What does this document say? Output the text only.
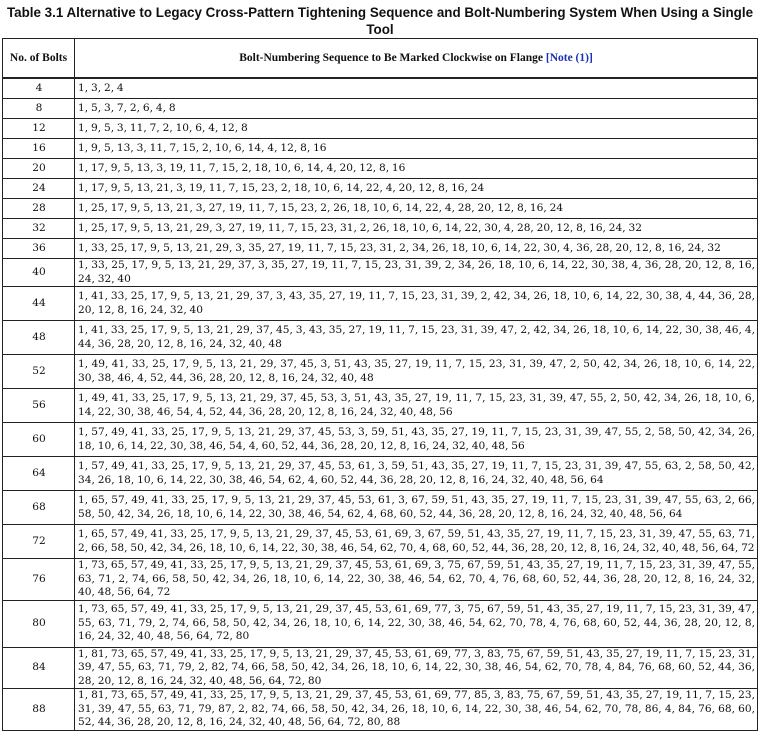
Table 3.1 Alternative to Legacy Cross-Pattern Tightening Sequence and Bolt-Numbering System When Using a Single Tool
No. of Bolts	Bolt-Numbering Sequence to Be Marked Clockwise on Flange [Note (1)]
4	1, 3, 2, 4
8	1, 5, 3, 7, 2, 6, 4, 8
12	1, 9, 5, 3, 11, 7, 2, 10, 6, 4, 12, 8
16	1, 9, 5, 13, 3, 11, 7, 15, 2, 10, 6, 14, 4, 12, 8, 16
20	1, 17, 9, 5, 13, 3, 19, 11, 7, 15, 2, 18, 10, 6, 14, 4, 20, 12, 8, 16
24	1, 17, 9, 5, 13, 21, 3, 19, 11, 7, 15, 23, 2, 18, 10, 6, 14, 22, 4, 20, 12, 8, 16, 24
28	1, 25, 17, 9, 5, 13, 21, 3, 27, 19, 11, 7, 15, 23, 2, 26, 18, 10, 6, 14, 22, 4, 28, 20, 12, 8, 16, 24
32	1, 25, 17, 9, 5, 13, 21, 29, 3, 27, 19, 11, 7, 15, 23, 31, 2, 26, 18, 10, 6, 14, 22, 30, 4, 28, 20, 12, 8, 16, 24, 32
36	1, 33, 25, 17, 9, 5, 13, 21, 29, 3, 35, 27, 19, 11, 7, 15, 23, 31, 2, 34, 26, 18, 10, 6, 14, 22, 30, 4, 36, 28, 20, 12, 8, 16, 24, 32
40	1, 33, 25, 17, 9, 5, 13, 21, 29, 37, 3, 35, 27, 19, 11, 7, 15, 23, 31, 39, 2, 34, 26, 18, 10, 6, 14, 22, 30, 38, 4, 36, 28, 20, 12, 8, 16, 24, 32, 40
44	1, 41, 33, 25, 17, 9, 5, 13, 21, 29, 37, 3, 43, 35, 27, 19, 11, 7, 15, 23, 31, 39, 2, 42, 34, 26, 18, 10, 6, 14, 22, 30, 38, 4, 44, 36, 28, 20, 12, 8, 16, 24, 32, 40
48	1, 41, 33, 25, 17, 9, 5, 13, 21, 29, 37, 45, 3, 43, 35, 27, 19, 11, 7, 15, 23, 31, 39, 47, 2, 42, 34, 26, 18, 10, 6, 14, 22, 30, 38, 46, 4, 44, 36, 28, 20, 12, 8, 16, 24, 32, 40, 48
52	1, 49, 41, 33, 25, 17, 9, 5, 13, 21, 29, 37, 45, 3, 51, 43, 35, 27, 19, 11, 7, 15, 23, 31, 39, 47, 2, 50, 42, 34, 26, 18, 10, 6, 14, 22, 30, 38, 46, 4, 52, 44, 36, 28, 20, 12, 8, 16, 24, 32, 40, 48
56	1, 49, 41, 33, 25, 17, 9, 5, 13, 21, 29, 37, 45, 53, 3, 51, 43, 35, 27, 19, 11, 7, 15, 23, 31, 39, 47, 55, 2, 50, 42, 34, 26, 18, 10, 6, 14, 22, 30, 38, 46, 54, 4, 52, 44, 36, 28, 20, 12, 8, 16, 24, 32, 40, 48, 56
60	1, 57, 49, 41, 33, 25, 17, 9, 5, 13, 21, 29, 37, 45, 53, 3, 59, 51, 43, 35, 27, 19, 11, 7, 15, 23, 31, 39, 47, 55, 2, 58, 50, 42, 34, 26, 18, 10, 6, 14, 22, 30, 38, 46, 54, 4, 60, 52, 44, 36, 28, 20, 12, 8, 16, 24, 32, 40, 48, 56
64	1, 57, 49, 41, 33, 25, 17, 9, 5, 13, 21, 29, 37, 45, 53, 61, 3, 59, 51, 43, 35, 27, 19, 11, 7, 15, 23, 31, 39, 47, 55, 63, 2, 58, 50, 42, 34, 26, 18, 10, 6, 14, 22, 30, 38, 46, 54, 62, 4, 60, 52, 44, 36, 28, 20, 12, 8, 16, 24, 32, 40, 48, 56, 64
68	1, 65, 57, 49, 41, 33, 25, 17, 9, 5, 13, 21, 29, 37, 45, 53, 61, 3, 67, 59, 51, 43, 35, 27, 19, 11, 7, 15, 23, 31, 39, 47, 55, 63, 2, 66, 58, 50, 42, 34, 26, 18, 10, 6, 14, 22, 30, 38, 46, 54, 62, 4, 68, 60, 52, 44, 36, 28, 20, 12, 8, 16, 24, 32, 40, 48, 56, 64
72	1, 65, 57, 49, 41, 33, 25, 17, 9, 5, 13, 21, 29, 37, 45, 53, 61, 69, 3, 67, 59, 51, 43, 35, 27, 19, 11, 7, 15, 23, 31, 39, 47, 55, 63, 71, 2, 66, 58, 50, 42, 34, 26, 18, 10, 6, 14, 22, 30, 38, 46, 54, 62, 70, 4, 68, 60, 52, 44, 36, 28, 20, 12, 8, 16, 24, 32, 40, 48, 56, 64, 72
76	1, 73, 65, 57, 49, 41, 33, 25, 17, 9, 5, 13, 21, 29, 37, 45, 53, 61, 69, 3, 75, 67, 59, 51, 43, 35, 27, 19, 11, 7, 15, 23, 31, 39, 47, 55, 63, 71, 2, 74, 66, 58, 50, 42, 34, 26, 18, 10, 6, 14, 22, 30, 38, 46, 54, 62, 70, 4, 76, 68, 60, 52, 44, 36, 28, 20, 12, 8, 16, 24, 32, 40, 48, 56, 64, 72
80	1, 73, 65, 57, 49, 41, 33, 25, 17, 9, 5, 13, 21, 29, 37, 45, 53, 61, 69, 77, 3, 75, 67, 59, 51, 43, 35, 27, 19, 11, 7, 15, 23, 31, 39, 47, 55, 63, 71, 79, 2, 74, 66, 58, 50, 42, 34, 26, 18, 10, 6, 14, 22, 30, 38, 46, 54, 62, 70, 78, 4, 76, 68, 60, 52, 44, 36, 28, 20, 12, 8, 16, 24, 32, 40, 48, 56, 64, 72, 80
84	1, 81, 73, 65, 57, 49, 41, 33, 25, 17, 9, 5, 13, 21, 29, 37, 45, 53, 61, 69, 77, 3, 83, 75, 67, 59, 51, 43, 35, 27, 19, 11, 7, 15, 23, 31, 39, 47, 55, 63, 71, 79, 2, 82, 74, 66, 58, 50, 42, 34, 26, 18, 10, 6, 14, 22, 30, 38, 46, 54, 62, 70, 78, 4, 84, 76, 68, 60, 52, 44, 36, 28, 20, 12, 8, 16, 24, 32, 40, 48, 56, 64, 72, 80
88	1, 81, 73, 65, 57, 49, 41, 33, 25, 17, 9, 5, 13, 21, 29, 37, 45, 53, 61, 69, 77, 85, 3, 83, 75, 67, 59, 51, 43, 35, 27, 19, 11, 7, 15, 23, 31, 39, 47, 55, 63, 71, 79, 87, 2, 82, 74, 66, 58, 50, 42, 34, 26, 18, 10, 6, 14, 22, 30, 38, 46, 54, 62, 70, 78, 86, 4, 84, 76, 68, 60, 52, 44, 36, 28, 20, 12, 8, 16, 24, 32, 40, 48, 56, 64, 72, 80, 88
